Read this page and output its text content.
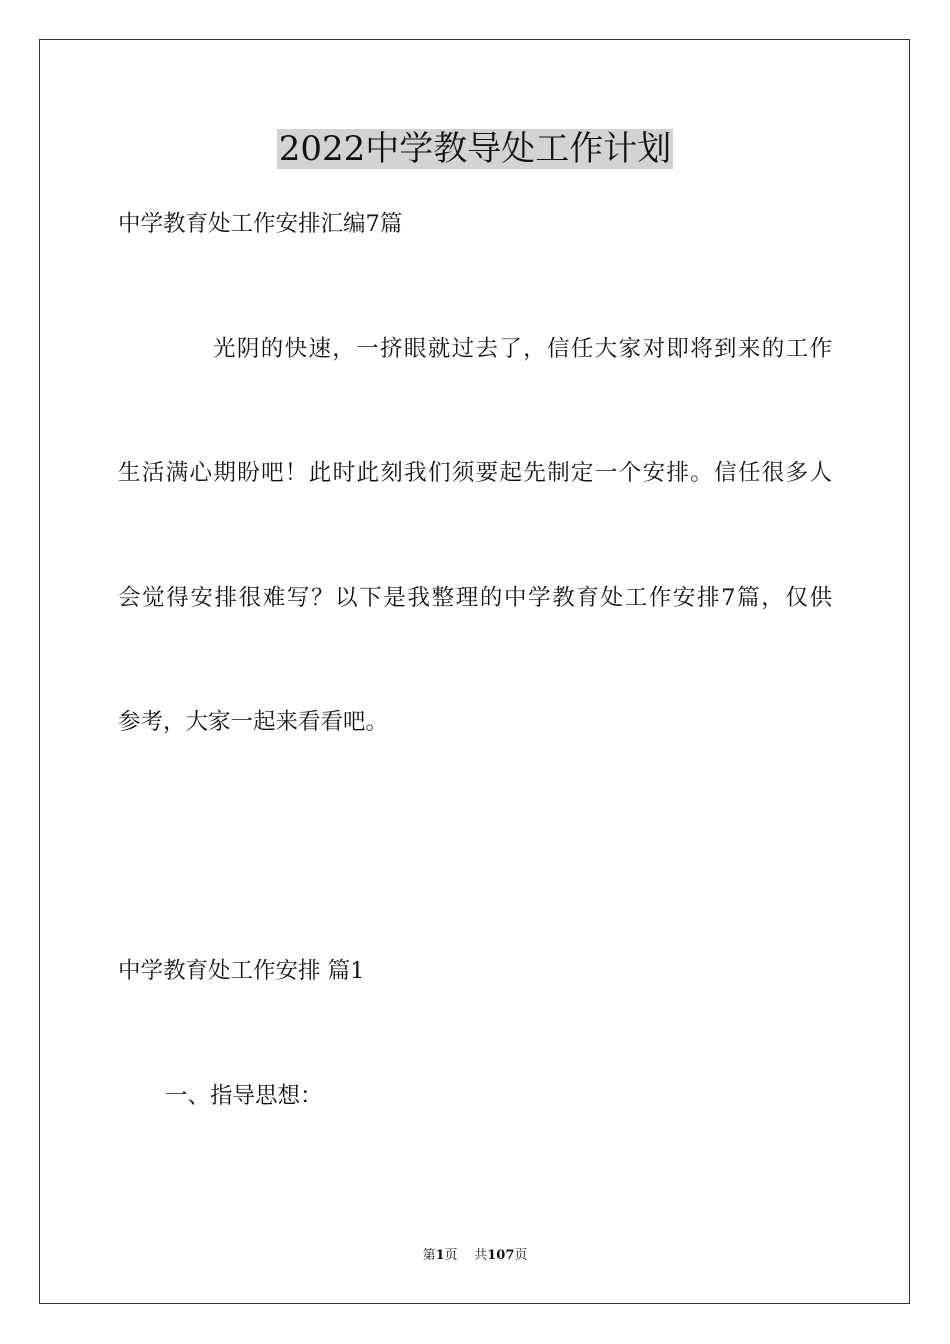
2022中学教导处工作计划

中学教育处工作安排汇编7篇

光阴的快速，一挤眼就过去了，信任大家对即将到来的工作

生活满心期盼吧！此时此刻我们须要起先制定一个安排。信任很多人

会觉得安排很难写？以下是我整理的中学教育处工作安排7篇，仅供

参考，大家一起来看看吧。

中学教育处工作安排 篇1

一、指导思想：

第1页 共107页
